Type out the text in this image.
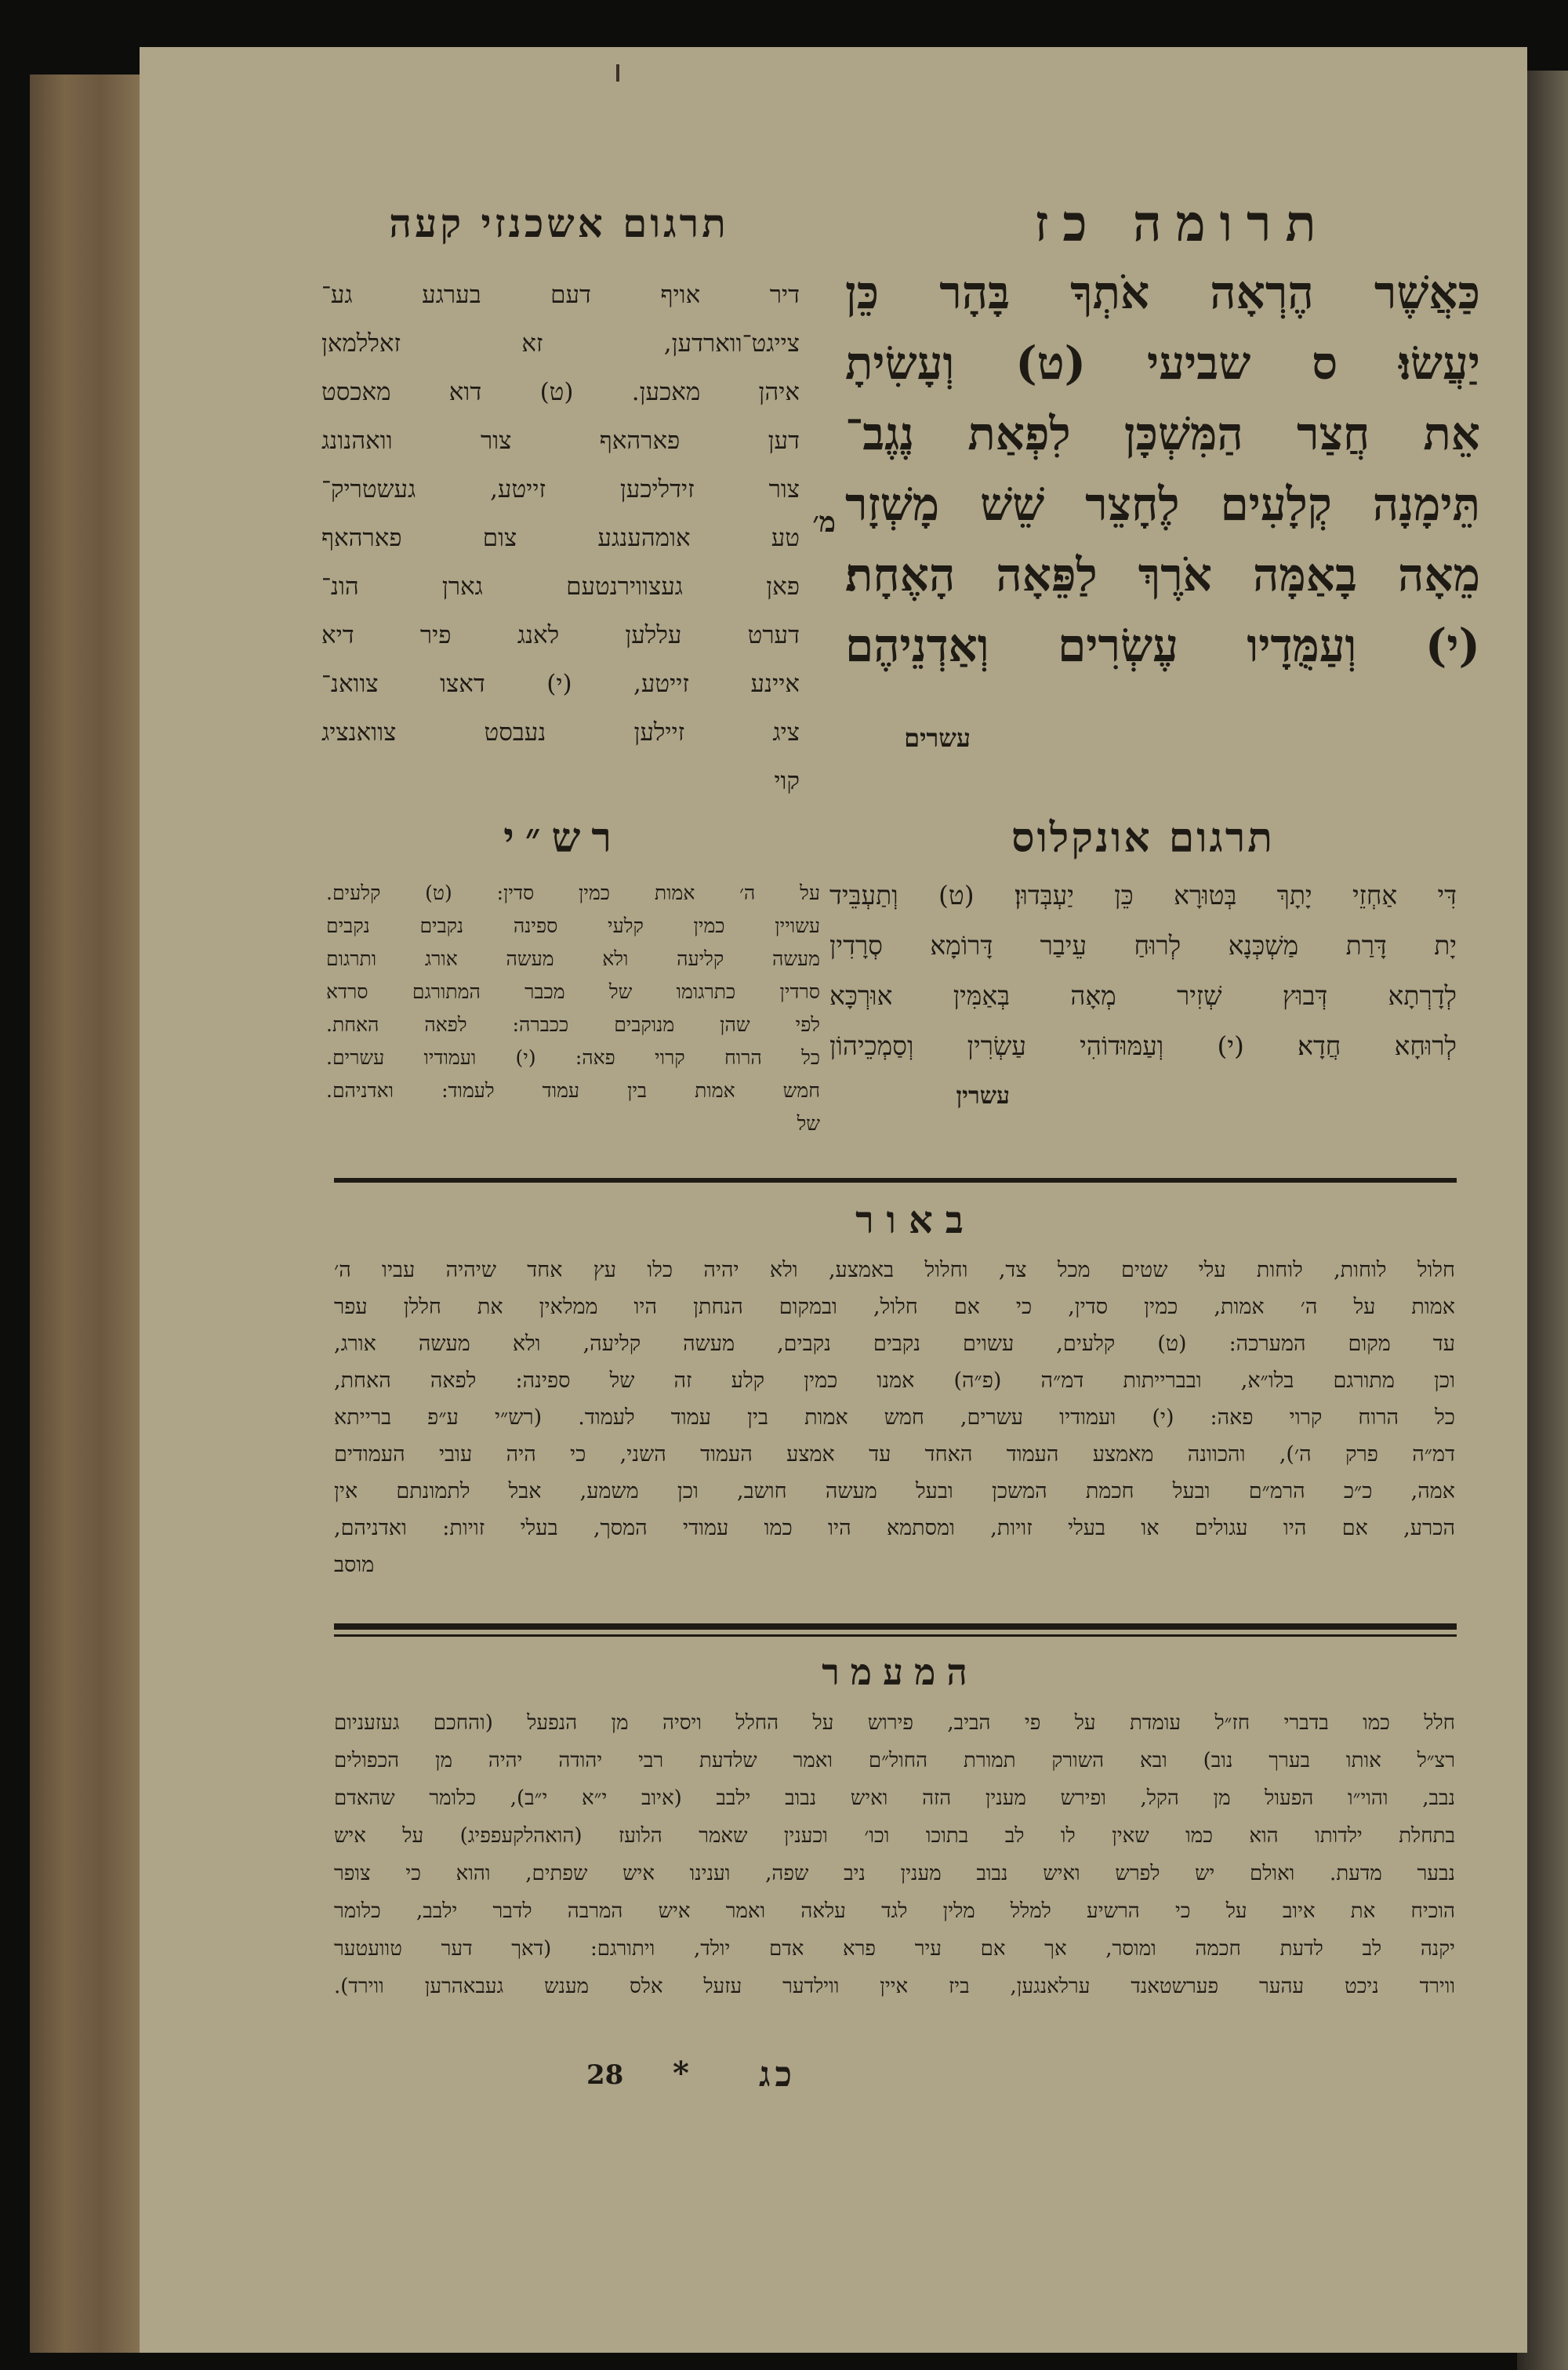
תרומה כז
תרגום אשכנזי קעה
כַּאֲשֶׁר הֶרְאָה אֹתְךָ בָּהָר כֵּן
יַעֲשׂוּ׃ ס שביעי (ט) וְעָשִׂיתָ
אֵת חֲצַר הַמִּשְׁכָּן לִפְאַת נֶגֶב־
תֵּימָנָה קְלָעִים לֶחָצֵר שֵׁשׁ מָשְׁזָר
מֵאָה בָאַמָּה אֹרֶךְ לַפֵּאָה הָאֶחָת׃
(י) וְעַמֻּדָיו עֶשְׂרִים וְאַדְנֵיהֶם
עשרים
מ׳
דיר אויף דעם בערגע גע־
צייגט־ווארדען, זא זאללמאן
איהן מאכען. (ט) דוא מאכסט
דען פארהאף צור וואהנונג
צור זידליכען זייטע, געשטריק־
טע אומהענגע צום פארהאף
פאן געצווירנטעם גארן הונ־
דערט עללען לאנג פיר דיא
איינע זייטע, (י) דאצו צוואנ־
ציג זיילען נעבסט צוואנציג
קוי
תרגום אונקלוס
דִּי אַחְזֵי יָתָךְ בְּטוּרָא כֵּן יַעְבְּדוּן׃ (ט) וְתַעְבֵּיד
יָת דָּרַת מַשְׁכְּנָא לְרוּחַ עֵיבַר דָּרוֹמָא סְרָדִין
לְדָרְתָא דְּבוּץ שְׁזִיר מְאָה בְּאַמִּין אוּרְכָּא
לְרוּחָא חֲדָא׃ (י) וְעַמּוּדוֹהִי עַשְׂרִין וְסַמְכֵיהוֹן
עשרין
רש״י
על ה׳ אמות כמין סדין: (ט) קלעים.
עשויין כמין קלעי ספינה נקבים נקבים
מעשה קליעה ולא מעשה אורג ותרגום
סרדין כתרגומו של מכבר המתורגם סרדא
לפי שהן מנוקבים ככברה: לפאה האחת.
כל הרוח קרוי פאה: (י) ועמודיו עשרים.
חמש אמות בין עמוד לעמוד: ואדניהם.
של
באור
חלול לוחות, לוחות עלי שטים מכל צד, וחלול באמצע, ולא יהיה כלו עץ אחד שיהיה עביו ה׳
אמות על ה׳ אמות, כמין סדין, כי אם חלול, ובמקום הנחתן היו ממלאין את חללן עפר
עד מקום המערכה: (ט) קלעים, עשוים נקבים נקבים, מעשה קליעה, ולא מעשה אורג,
וכן מתורגם בלו״א, ובברייתות דמ״ה (פ״ה) אמנו כמין קלע זה של ספינה: לפאה האחת,
כל הרוח קרוי פאה: (י) ועמודיו עשרים, חמש אמות בין עמוד לעמוד. (רש״י ע״פ ברייתא
דמ״ה פרק ה׳), והכוונה מאמצע העמוד האחד עד אמצע העמוד השני, כי היה עובי העמודים
אמה, כ״כ הרמ״ם ובעל חכמת המשכן ובעל מעשה חושב, וכן משמע, אבל לתמונתם אין
הכרע, אם היו עגולים או בעלי זויות, ומסתמא היו כמו עמודי המסך, בעלי זויות: ואדניהם,
מוסב
המעמר
חלל כמו בדברי חז״ל עומדת על פי הביב, פירוש על החלל ויסיה מן הנפעל (והחכם געזעניום
רצ״ל אותו בערך נוב) ובא השורק תמורת החול״ם ואמר שלדעת רבי יהודה יהיה מן הכפולים
נבב, והוי״ו הפעול מן הקל, ופירש מענין הזה ואיש נבוב ילבב (איוב י״א י״ב), כלומר שהאדם
בתחלת ילדותו הוא כמו שאין לו לב בתוכו וכו׳ וכענין שאמר הלועז (הואהלקעפפיג) על איש
נבער מדעת. ואולם יש לפרש ואיש נבוב מענין ניב שפה, וענינו איש שפתים, והוא כי צופר
הוכיח את איוב על כי הרשיע למלל מלין לגד עלאה ואמר איש המרבה לדבר ילבב, כלומר
יקנה לב לדעת חכמה ומוסר, אך אם עיר פרא אדם יולד, ויתורגם: (דאך דער טוועטער
ווירד ניכט עהער פערשטאנד ערלאנגען, ביז איין ווילדער עזעל אלס מענש געבאהרען ווירד).
28 * כג
